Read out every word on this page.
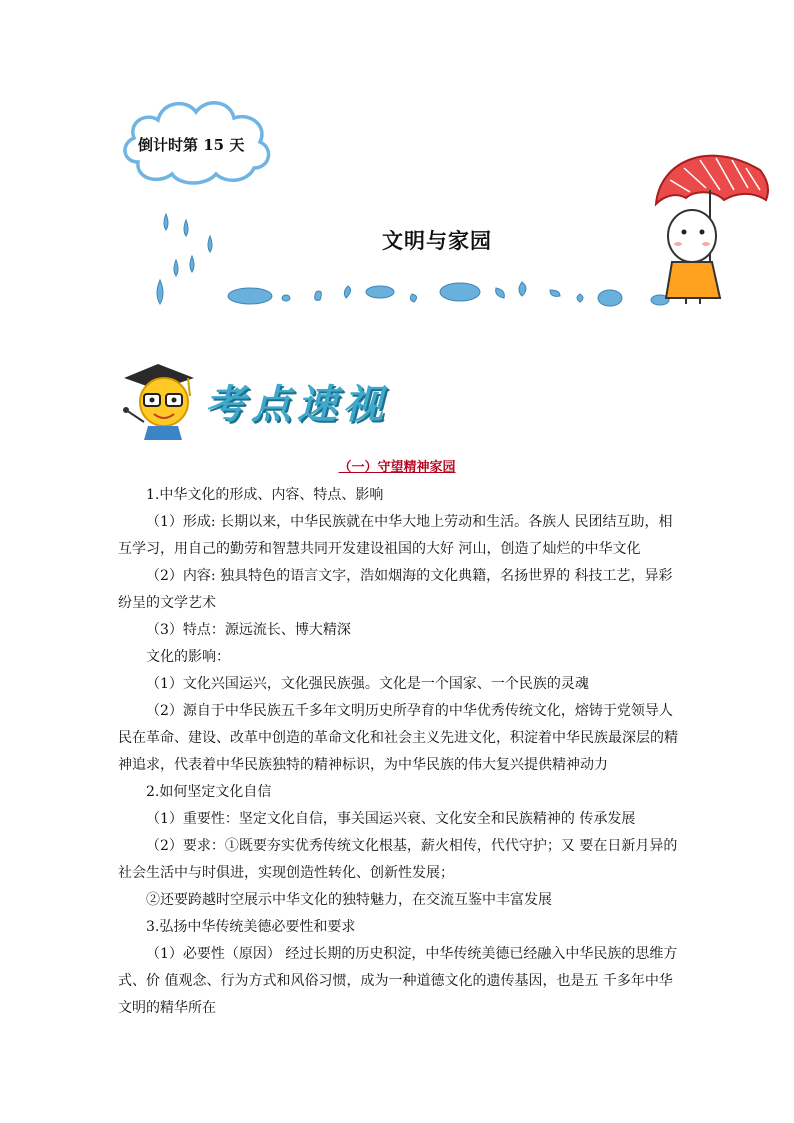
倒计时第 15 天
文明与家园
考点速视
（一）守望精神家园

1.中华文化的形成、内容、特点、影响

（1）形成: 长期以来，中华民族就在中华大地上劳动和生活。各族人 民团结互助，相互学习，用自己的勤劳和智慧共同开发建设祖国的大好 河山，创造了灿烂的中华文化

（2）内容: 独具特色的语言文字，浩如烟海的文化典籍，名扬世界的 科技工艺，异彩纷呈的文学艺术

（3）特点：源远流长、博大精深

文化的影响：

（1）文化兴国运兴，文化强民族强。文化是一个国家、一个民族的灵魂

（2）源自于中华民族五千多年文明历史所孕育的中华优秀传统文化，熔铸于党领导人民在革命、建设、改革中创造的革命文化和社会主义先进文化，积淀着中华民族最深层的精神追求，代表着中华民族独特的精神标识，为中华民族的伟大复兴提供精神动力

2.如何坚定文化自信

（1）重要性：坚定文化自信，事关国运兴衰、文化安全和民族精神的 传承发展

（2）要求：①既要夯实优秀传统文化根基，薪火相传，代代守护；又 要在日新月异的社会生活中与时俱进，实现创造性转化、创新性发展；

②还要跨越时空展示中华文化的独特魅力，在交流互鉴中丰富发展

3.弘扬中华传统美德必要性和要求

（1）必要性（原因） 经过长期的历史积淀，中华传统美德已经融入中华民族的思维方式、价 值观念、行为方式和风俗习惯，成为一种道德文化的遗传基因，也是五 千多年中华文明的精华所在
